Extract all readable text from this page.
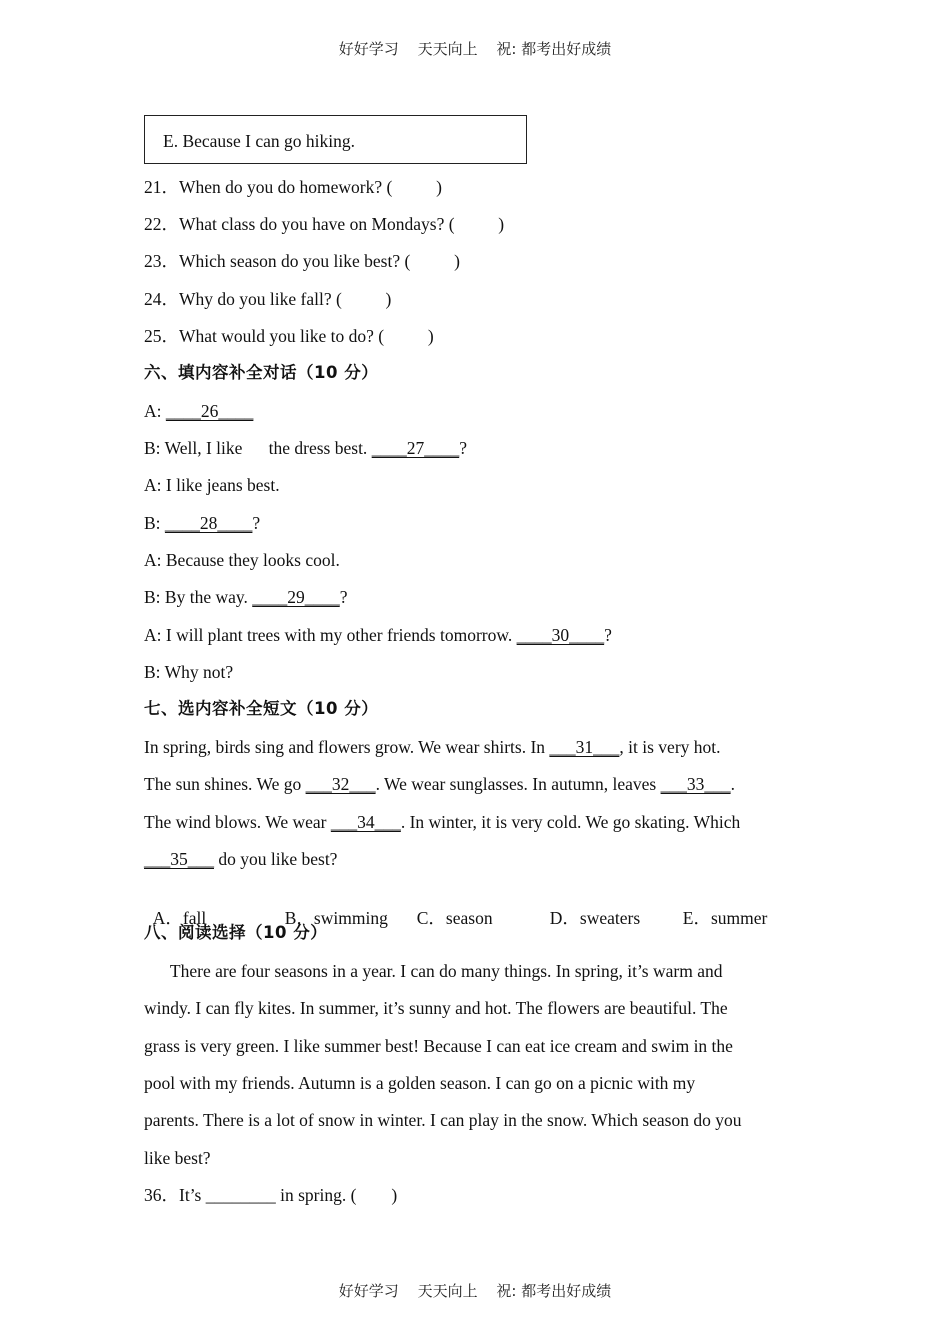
好好学习 天天向上 祝: 都考出好成绩
E. Because I can go hiking.
21．When do you do homework? (          )
22．What class do you have on Mondays? (          )
23．Which season do you like best? (          )
24．Why do you like fall? (          )
25．What would you like to do? (          )
六、填内容补全对话（10 分）
A: ____26____
B: Well, I like      the dress best. ____27____?
A: I like jeans best.
B: ____28____?
A: Because they looks cool.
B: By the way. ____29____?
A: I will plant trees with my other friends tomorrow. ____30____?
B: Why not?
七、选内容补全短文（10 分）
In spring, birds sing and flowers grow. We wear shirts. In ___31___, it is very hot.
The sun shines. We go ___32___. We wear sunglasses. In autumn, leaves ___33___.
The wind blows. We wear ___34___. In winter, it is very cold. We go skating. Which
___35___ do you like best?

A．fall	B．swimming C．season	D．sweaters E．summer

八、阅读选择（10 分）
There are four seasons in a year. I can do many things. In spring, it’s warm and
windy. I can fly kites. In summer, it’s sunny and hot. The flowers are beautiful. The
grass is very green. I like summer best! Because I can eat ice cream and swim in the
pool with my friends. Autumn is a golden season. I can go on a picnic with my
parents. There is a lot of snow in winter. I can play in the snow. Which season do you
like best?
36．It’s ________ in spring. (        )
好好学习 天天向上 祝: 都考出好成绩
